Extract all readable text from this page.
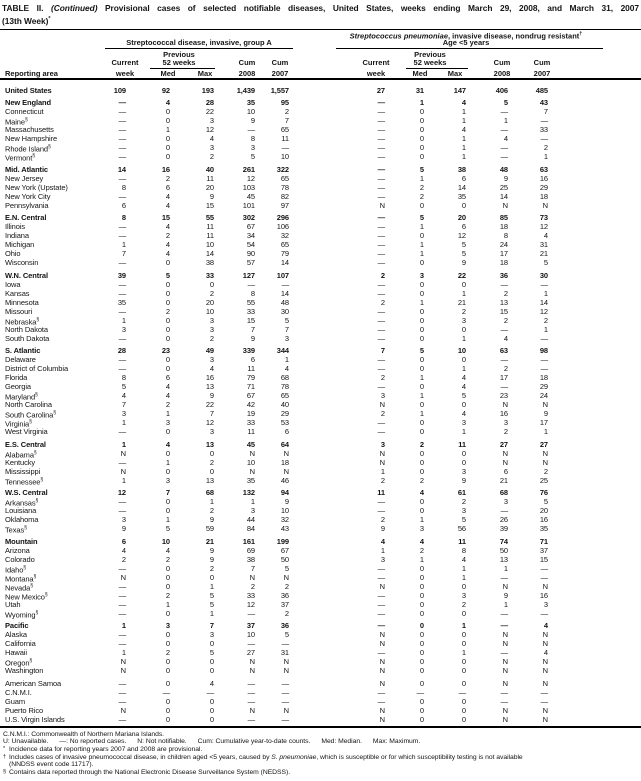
TABLE II. (Continued) Provisional cases of selected notifiable diseases, United States, weeks ending March 29, 2008, and March 31, 2007
(13th Week)*
Streptococcus pneumoniae, invasive disease, nondrug resistant†
Age <5 years
Streptococcal disease, invasive, group A
Previous	Previous
Current	52 weeks	Cum Cum	Current	52 weeks	Cum	Cum
Reporting area	week	Med	Max	2008 2007	week	Med	Max	2008	2007
United States	109	92	193	1,439	1,557	27	31	147	406	485
New England	—	4	28	35	95	—	1	4	5	43
Connecticut	—	0	22	10	2	—	0	1	—	7
Maine§	—	0	3	9	7	—	0	1	1	—
Massachusetts	—	1	12	—	65	—	0	4	—	33
New Hampshire	—	0	4	8	11	—	0	1	4	—
Rhode Island§	—	0	3	3	—	—	0	1	—	2
Vermont§	—	0	2	5	10	—	0	1	—	1
Mid. Atlantic	14	16	40	261	322	—	5	38	48	63
New Jersey	—	2	11	12	65	—	1	6	9	16
New York (Upstate)	8	6	20	103	78	—	2	14	25	29
New York City	—	4	9	45	82	—	2	35	14	18
Pennsylvania	6	4	15	101	97	N	0	0	N	N
E.N. Central	8	15	55	302	296	—	5	20	85	73
Illinois	—	4	11	67	106	—	1	6	18	12
Indiana	—	2	11	34	32	—	0	12	8	4
Michigan	1	4	10	54	65	—	1	5	24	31
Ohio	7	4	14	90	79	—	1	5	17	21
Wisconsin	—	0	38	57	14	—	0	9	18	5
W.N. Central	39	5	33	127	107	2	3	22	36	30
Iowa	—	0	0	—	—	—	0	0	—	—
Kansas	—	0	2	8	14	—	0	1	2	1
Minnesota	35	0	20	55	48	2	1	21	13	14
Missouri	—	2	10	33	30	—	0	2	15	12
Nebraska§	1	0	3	15	5	—	0	3	2	2
North Dakota	3	0	3	7	7	—	0	0	—	1
South Dakota	—	0	2	9	3	—	0	1	4	—
S. Atlantic	28	23	49	339	344	7	5	10	63	98
Delaware	—	0	3	6	1	—	0	0	—	—
District of Columbia	—	0	4	11	4	—	0	1	2	—
Florida	8	6	16	79	68	2	1	4	17	18
Georgia	5	4	13	71	78	—	0	4	—	29
Maryland§	4	4	9	67	65	3	1	5	23	24
North Carolina	7	2	22	42	40	N	0	0	N	N
South Carolina§	3	1	7	19	29	2	1	4	16	9
Virginia§	1	3	12	33	53	—	0	3	3	17
West Virginia	—	0	3	11	6	—	0	1	2	1
E.S. Central	1	4	13	45	64	3	2	11	27	27
Alabama§	N	0	0	N	N	N	0	0	N	N
Kentucky	—	1	2	10	18	N	0	0	N	N
Mississippi	N	0	0	N	N	1	0	3	6	2
Tennessee§	1	3	13	35	46	2	2	9	21	25
W.S. Central	12	7	68	132	94	11	4	61	68	76
Arkansas§	—	0	1	1	9	—	0	2	3	5
Louisiana	—	0	2	3	10	—	0	3	—	20
Oklahoma	3	1	9	44	32	2	1	5	26	16
Texas§	9	5	59	84	43	9	3	56	39	35
Mountain	6	10	21	161	199	4	4	11	74	71
Arizona	4	4	9	69	67	1	2	8	50	37
Colorado	2	2	9	38	50	3	1	4	13	15
Idaho§	—	0	2	7	5	—	0	1	1	—
Montana§	N	0	0	N	N	—	0	1	—	—
Nevada§	—	0	1	2	2	N	0	0	N	N
New Mexico§	—	2	5	33	36	—	0	3	9	16
Utah	—	1	5	12	37	—	0	2	1	3
Wyoming§	—	0	1	—	2	—	0	0	—	—
Pacific	1	3	7	37	36	—	0	1	—	4
Alaska	—	0	3	10	5	N	0	0	N	N
California	—	0	0	—	—	N	0	0	N	N
Hawaii	1	2	5	27	31	—	0	1	—	4
Oregon§	N	0	0	N	N	N	0	0	N	N
Washington	N	0	0	N	N	N	0	0	N	N
American Samoa	—	0	4	—	—	N	0	0	N	N
C.N.M.I.	—	—	—	—	—	—	—	—	—	—
Guam	—	0	0	—	—	—	0	0	—	—
Puerto Rico	N	0	0	N	N	N	0	0	N	N
U.S. Virgin Islands	—	0	0	—	—	N	0	0	N	N
C.N.M.I.: Commonwealth of Northern Mariana Islands.
U: Unavailable. —: No reported cases. N: Not notifiable. Cum: Cumulative year-to-date counts. Med: Median. Max: Maximum.
* Incidence data for reporting years 2007 and 2008 are provisional.
† Includes cases of invasive pneumococcal disease, in children aged <5 years, caused by S. pneumoniae, which is susceptible or for which susceptibility testing is not available
(NNDSS event code 11717).
§ Contains data reported through the National Electronic Disease Surveillance System (NEDSS).
